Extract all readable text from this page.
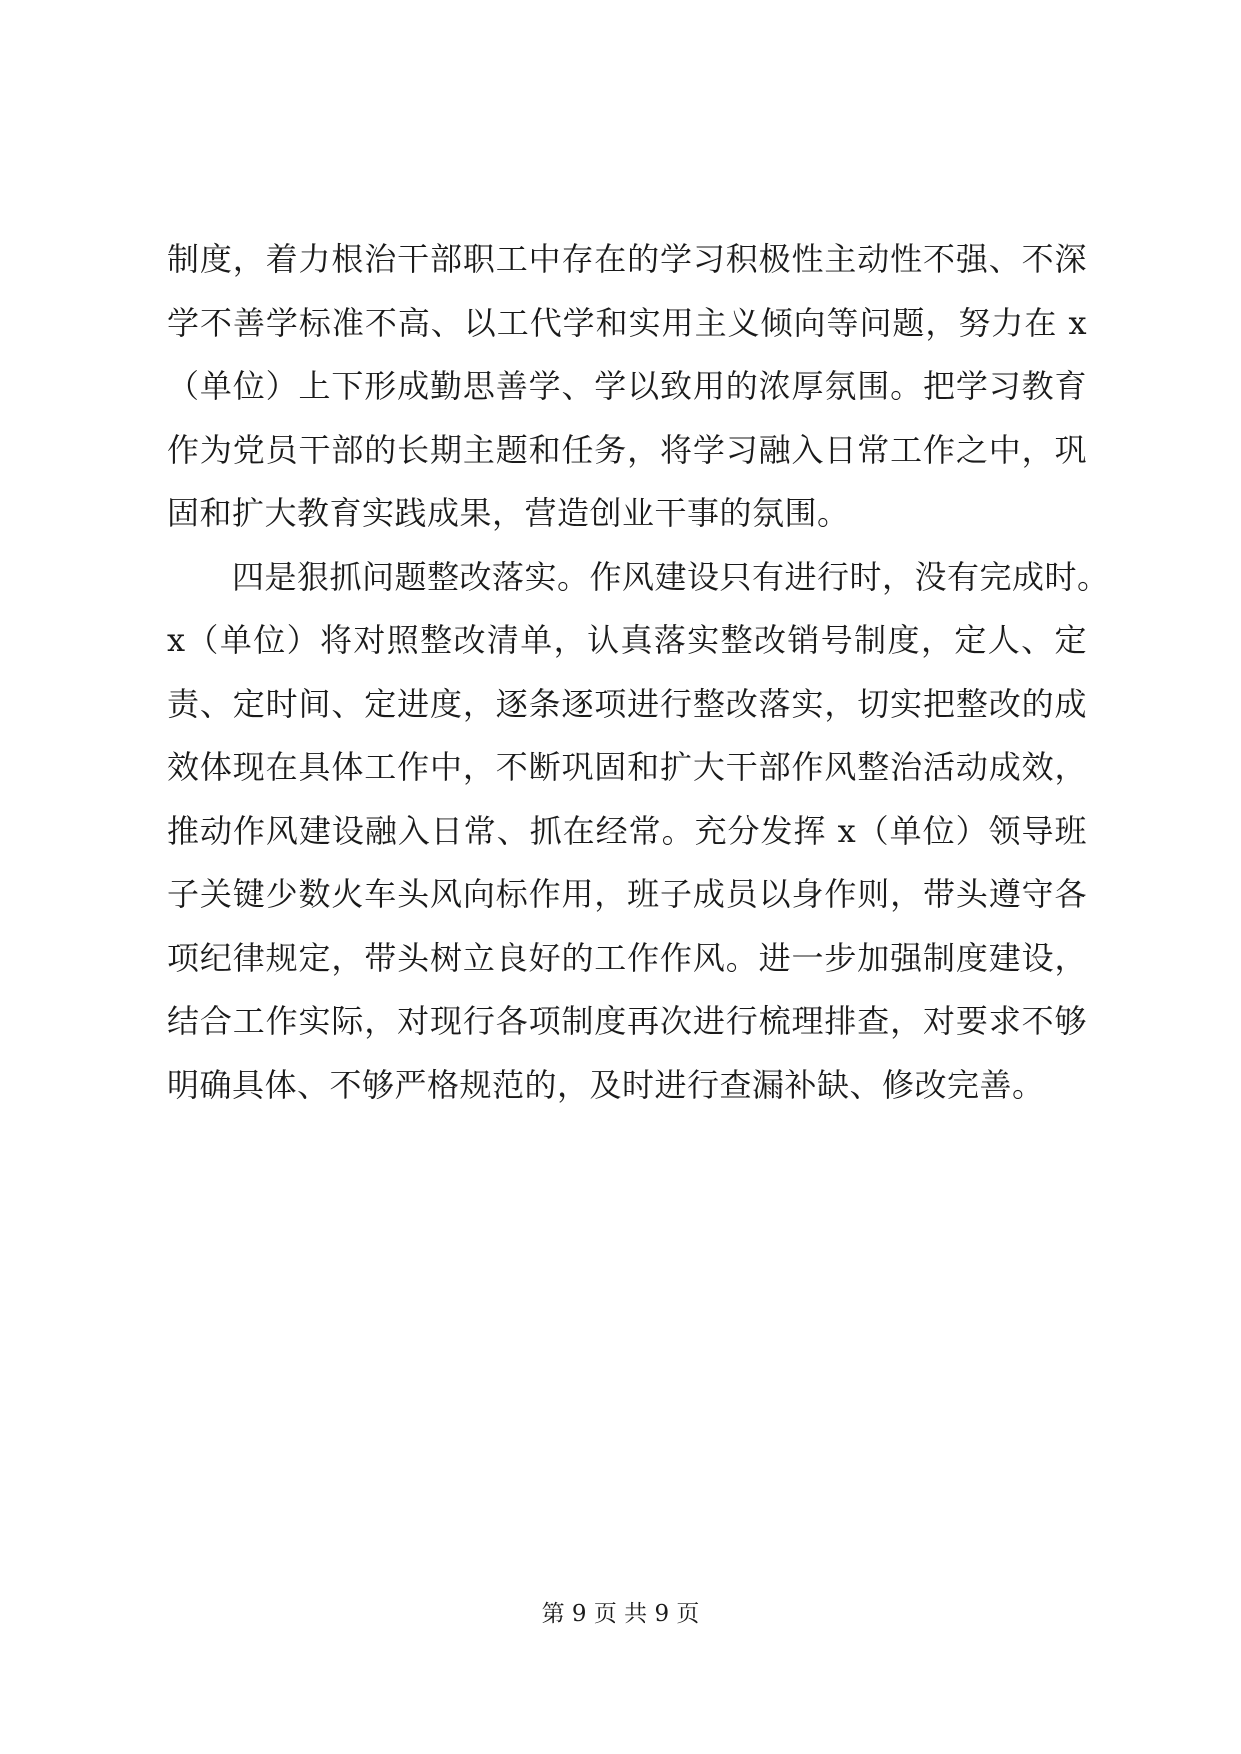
制度，着力根治干部职工中存在的学习积极性主动性不强、不深
学不善学标准不高、以工代学和实用主义倾向等问题，努力在 x
（单位）上下形成勤思善学、学以致用的浓厚氛围。把学习教育
作为党员干部的长期主题和任务，将学习融入日常工作之中，巩
固和扩大教育实践成果，营造创业干事的氛围。
　　四是狠抓问题整改落实。作风建设只有进行时，没有完成时。
x（单位）将对照整改清单，认真落实整改销号制度，定人、定
责、定时间、定进度，逐条逐项进行整改落实，切实把整改的成
效体现在具体工作中，不断巩固和扩大干部作风整治活动成效，
推动作风建设融入日常、抓在经常。充分发挥 x（单位）领导班
子关键少数火车头风向标作用，班子成员以身作则，带头遵守各
项纪律规定，带头树立良好的工作作风。进一步加强制度建设，
结合工作实际，对现行各项制度再次进行梳理排查，对要求不够
明确具体、不够严格规范的，及时进行查漏补缺、修改完善。
第 9 页 共 9 页
